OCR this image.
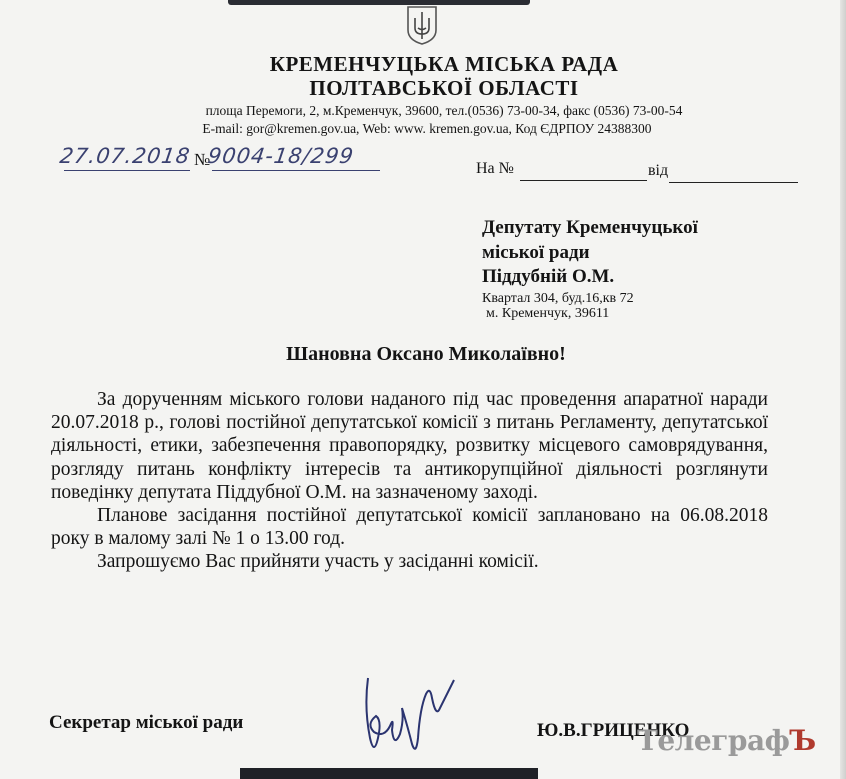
КРЕМЕНЧУЦЬКА МІСЬКА РАДА
ПОЛТАВСЬКОЇ ОБЛАСТІ
площа Перемоги, 2, м.Кременчук, 39600, тел.(0536) 73-00-34, факс (0536) 73-00-54
E-mail: gor@kremen.gov.ua, Web: www. kremen.gov.ua, Код ЄДРПОУ 24388300
27.07.2018 №
9004-18/299
На №	від
Депутату Кременчуцької
міської ради
Піддубній О.М.
Квартал 304, буд.16,кв 72
м. Кременчук, 39611
Шановна Оксано Миколаївно!

За дорученням міського голови наданого під час проведення апаратної наради 20.07.2018 р., голові постійної депутатської комісії з питань Регламенту, депутатської діяльності, етики, забезпечення правопорядку, розвитку місцевого самоврядування, розгляду питань конфлікту інтересів та антикорупційної діяльності розглянути поведінку депутата Піддубної О.М. на зазначеному заході.

Планове засідання постійної депутатської комісії заплановано на 06.08.2018 року в малому залі № 1 о 13.00 год.

Запрошуємо Вас прийняти участь у засіданні комісії.

Секретар міської ради	Ю.В.ГРИЦЕНКО
ТелеграфЪ
